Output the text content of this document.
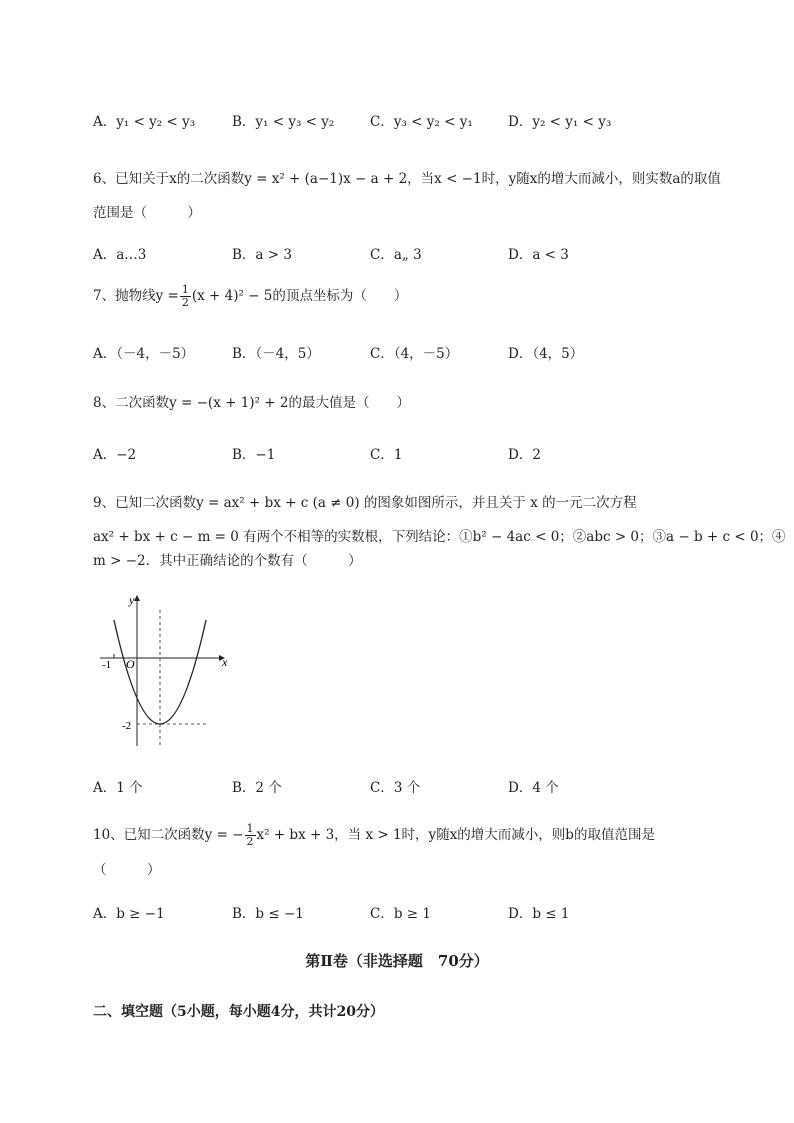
A．y₁ < y₂ < y₃	B．y₁ < y₃ < y₂	C．y₃ < y₂ < y₁	D．y₂ < y₁ < y₃
6、已知关于x的二次函数y = x² + (a−1)x − a + 2，当x < −1时，y随x的增大而减小，则实数a的取值
范围是（　　　）
A．a…3	B．a > 3	C．a„ 3	D．a < 3
7、抛物线$y = \frac{1}{2} (x + 4)^2 - 5$的顶点坐标为（　　）
A．（－4，－5）	B．（－4，5）	C．（4，－5）	D．（4，5）
8、二次函数y = −(x + 1)² + 2的最大值是（　　）
A．−2	B．−1	C．1	D．2
9、已知二次函数y = ax² + bx + c (a ≠ 0) 的图象如图所示，并且关于 x 的一元二次方程
ax² + bx + c − m = 0 有两个不相等的实数根，下列结论：①b² − 4ac < 0；②abc > 0；③a − b + c < 0；④
m > −2．其中正确结论的个数有（　　　）
y
x
O
-1
-2
A．1 个	B．2 个	C．3 个	D．4 个
10、已知二次函数y = − $\frac{1}{2} x^2$ + bx + 3，当 x > 1时，y随x的增大而减小，则b的取值范围是
（　　　）
A．b ≥ −1	B．b ≤ −1	C．b ≥ 1	D．b ≤ 1
第Ⅱ卷（非选择题　70分）
二、填空题（5小题，每小题4分，共计20分）
